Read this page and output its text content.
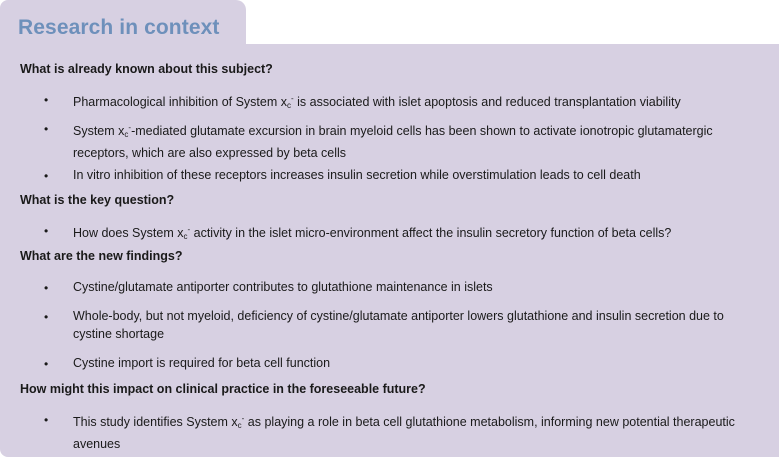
Research in context
What is already known about this subject?
• Pharmacological inhibition of System $x_c^-$ is associated with islet apoptosis and reduced transplantation viability
• System $x_c^-$-mediated glutamate excursion in brain myeloid cells has been shown to activate ionotropic glutamatergic receptors, which are also expressed by beta cells
• In vitro inhibition of these receptors increases insulin secretion while overstimulation leads to cell death
What is the key question?
• How does System $x_c^-$ activity in the islet micro-environment affect the insulin secretory function of beta cells?
What are the new findings?
• Cystine/glutamate antiporter contributes to glutathione maintenance in islets
• Whole-body, but not myeloid, deficiency of cystine/glutamate antiporter lowers glutathione and insulin secretion due to cystine shortage
• Cystine import is required for beta cell function
How might this impact on clinical practice in the foreseeable future?
• This study identifies System $x_c^-$ as playing a role in beta cell glutathione metabolism, informing new potential therapeutic avenues
